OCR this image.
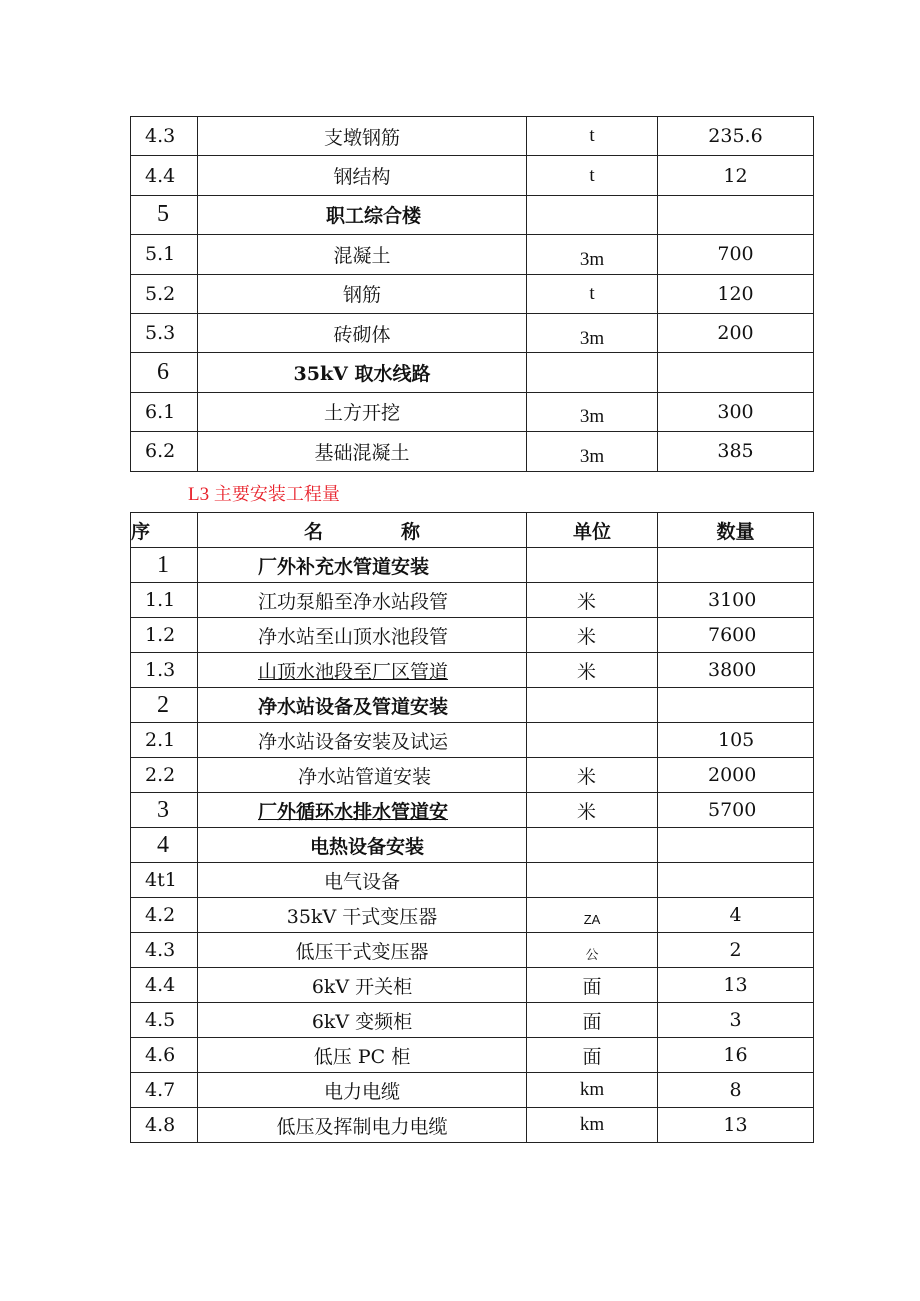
4.3	支墩钢筋	t	235.6
4.4	钢结构	t	12
5	职工综合楼		
5.1	混凝土	3m	700
5.2	钢筋	t	120
5.3	砖砌体	3m	200
6	35kV 取水线路		
6.1	土方开挖	3m	300
6.2	基础混凝土	3m	385
L3 主要安装工程量
序	名 称	单位	数量
1	厂外补充水管道安装		
1.1	江功泵船至净水站段管	米	3100
1.2	净水站至山顶水池段管	米	7600
1.3	山顶水池段至厂区管道	米	3800
2	净水站设备及管道安装		
2.1	净水站设备安装及试运		105
2.2	净水站管道安装	米	2000
3	厂外循环水排水管道安	米	5700
4	电热设备安装		
4t1	电气设备		
4.2	35kV 干式变压器	ZA	4
4.3	低压干式变压器	公	2
4.4	6kV 开关柜	面	13
4.5	6kV 变频柜	面	3
4.6	低压 PC 柜	面	16
4.7	电力电缆	km	8
4.8	低压及挥制电力电缆	km	13
